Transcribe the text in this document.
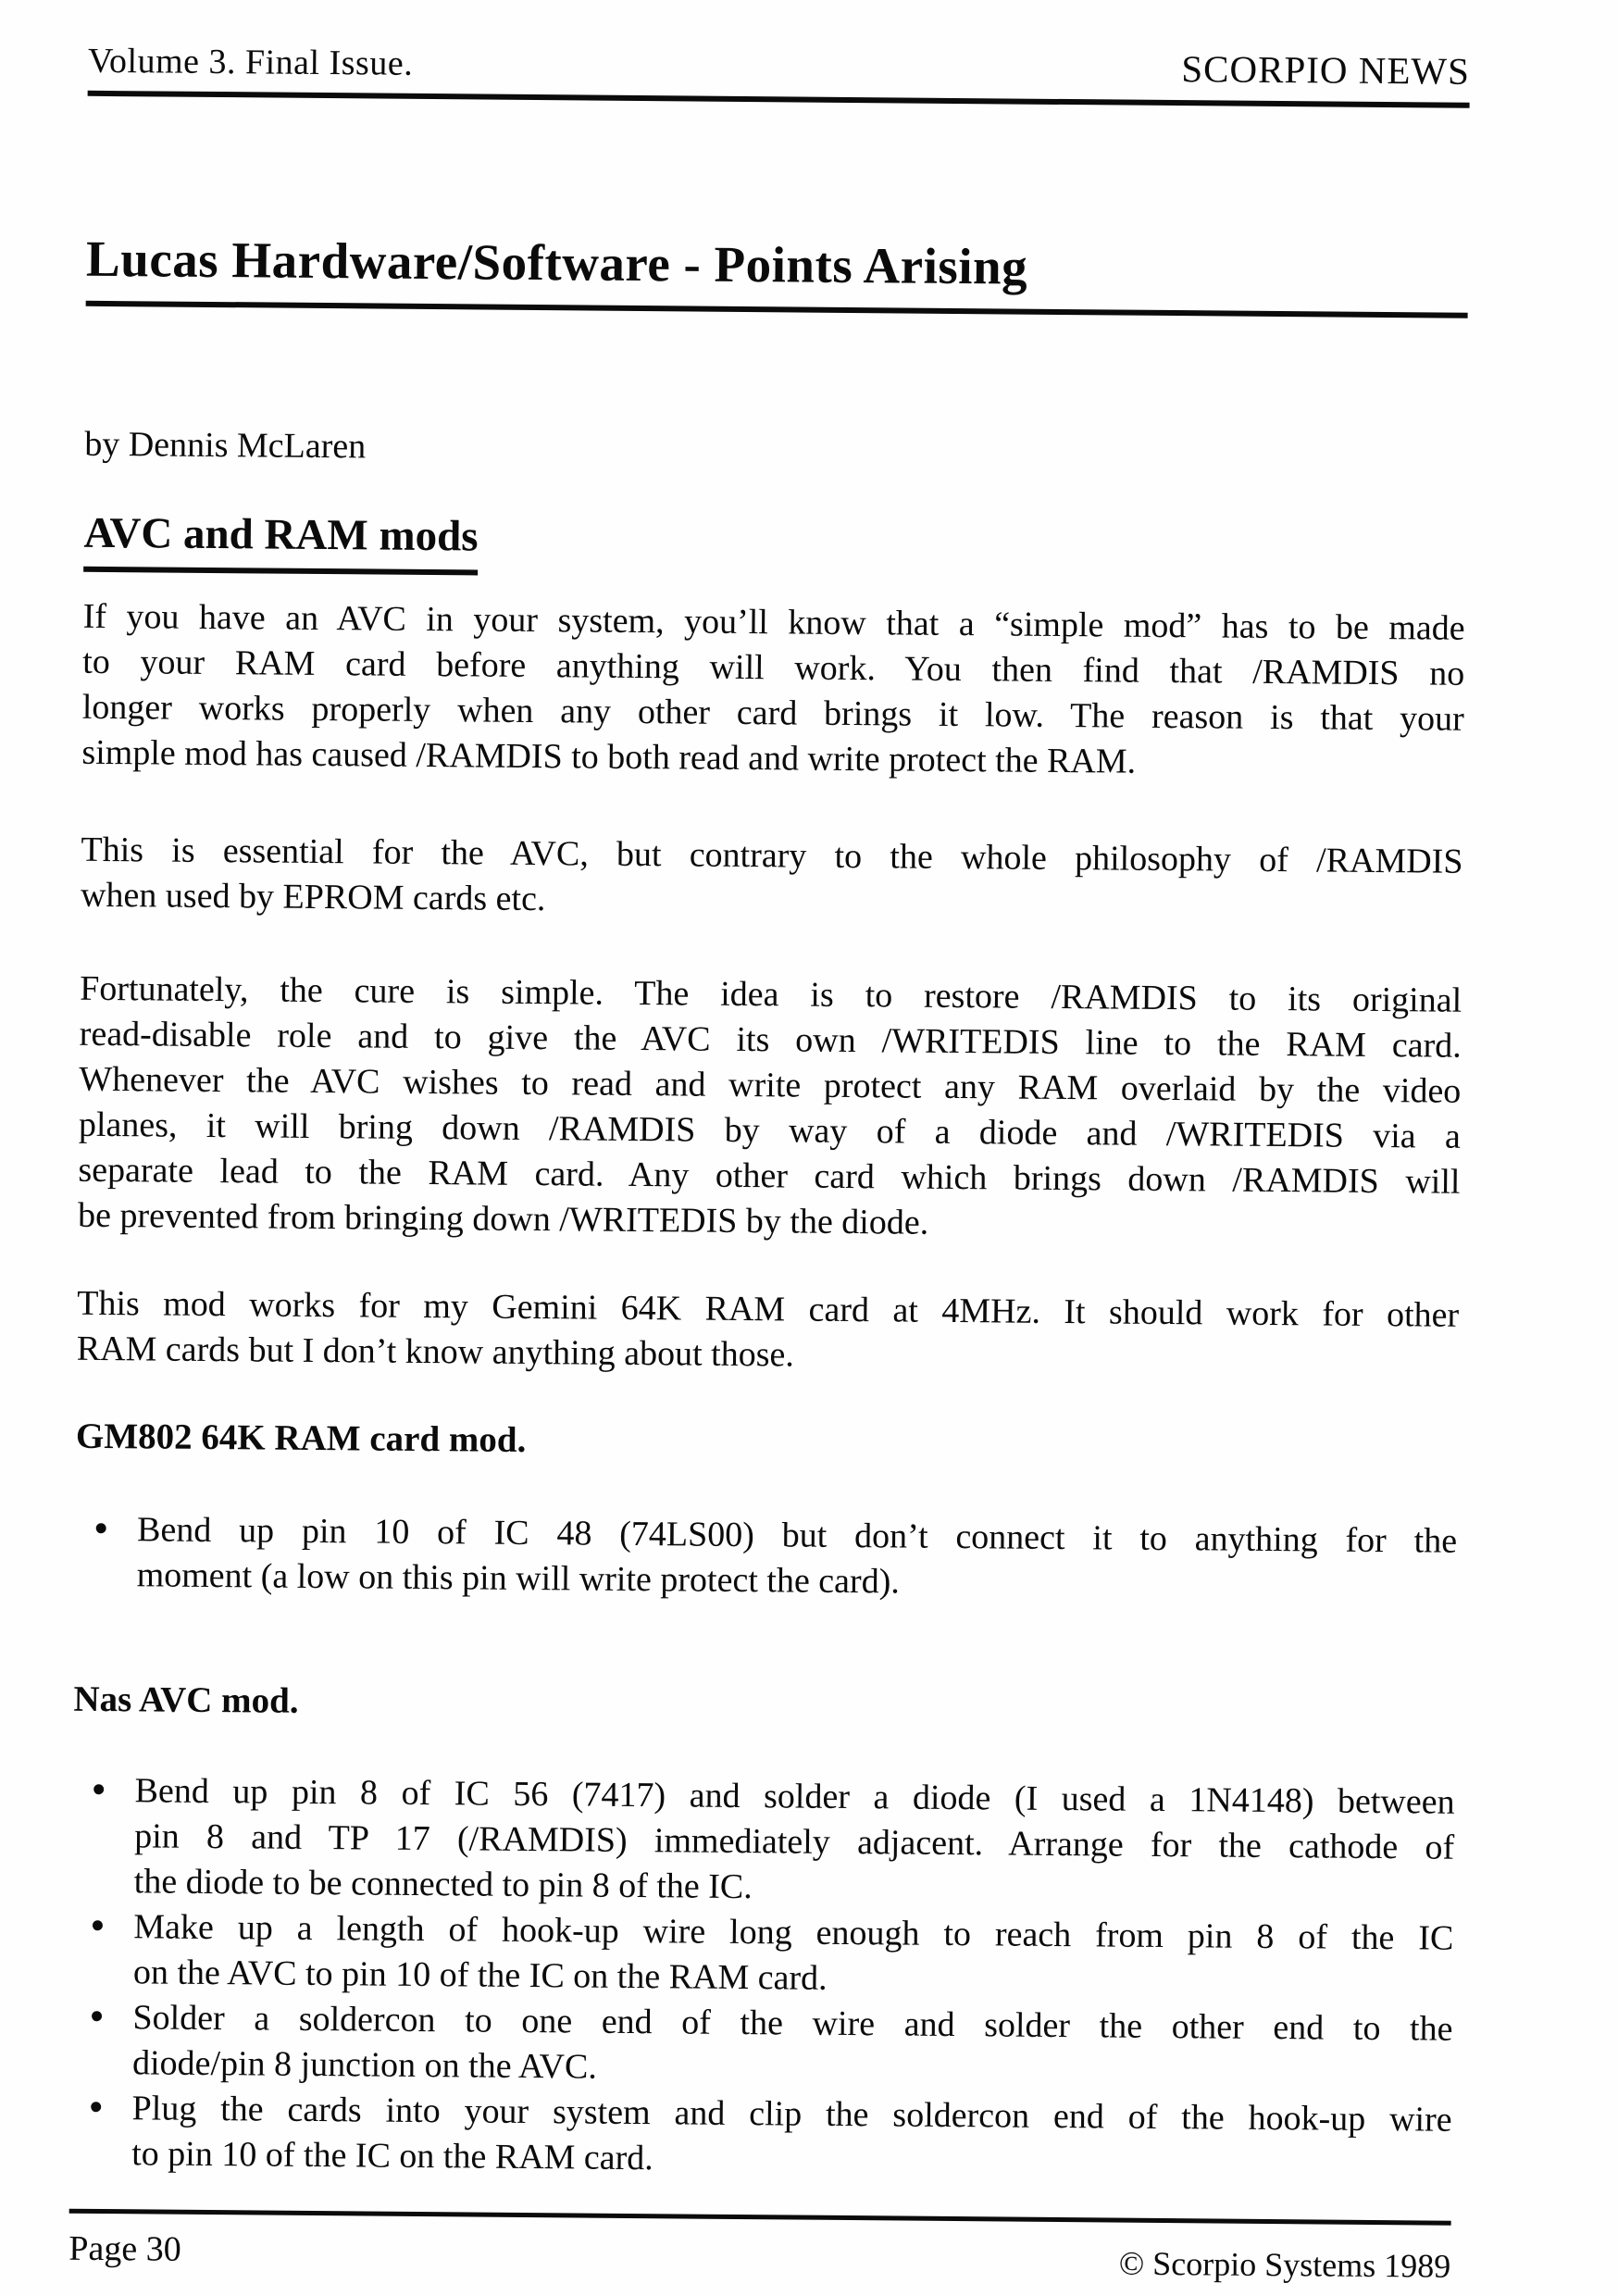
Volume 3. Final Issue.	SCORPIO NEWS
Lucas Hardware/Software - Points Arising
by Dennis McLaren
AVC and RAM mods
If you have an AVC in your system, you’ll know that a “simple mod” has to be made
to your RAM card before anything will work. You then find that /RAMDIS no
longer works properly when any other card brings it low. The reason is that your
simple mod has caused /RAMDIS to both read and write protect the RAM.
This is essential for the AVC, but contrary to the whole philosophy of /RAMDIS
when used by EPROM cards etc.
Fortunately, the cure is simple. The idea is to restore /RAMDIS to its original
read-disable role and to give the AVC its own /WRITEDIS line to the RAM card.
Whenever the AVC wishes to read and write protect any RAM overlaid by the video
planes, it will bring down /RAMDIS by way of a diode and /WRITEDIS via a
separate lead to the RAM card. Any other card which brings down /RAMDIS will
be prevented from bringing down /WRITEDIS by the diode.
This mod works for my Gemini 64K RAM card at 4MHz. It should work for other
RAM cards but I don’t know anything about those.
GM802 64K RAM card mod.
• Bend up pin 10 of IC 48 (74LS00) but don’t connect it to anything for the
moment (a low on this pin will write protect the card).
Nas AVC mod.
• Bend up pin 8 of IC 56 (7417) and solder a diode (I used a 1N4148) between
pin 8 and TP 17 (/RAMDIS) immediately adjacent. Arrange for the cathode of
the diode to be connected to pin 8 of the IC.
• Make up a length of hook-up wire long enough to reach from pin 8 of the IC
on the AVC to pin 10 of the IC on the RAM card.
• Solder a soldercon to one end of the wire and solder the other end to the
diode/pin 8 junction on the AVC.
• Plug the cards into your system and clip the soldercon end of the hook-up wire
to pin 10 of the IC on the RAM card.
Page 30	© Scorpio Systems 1989
